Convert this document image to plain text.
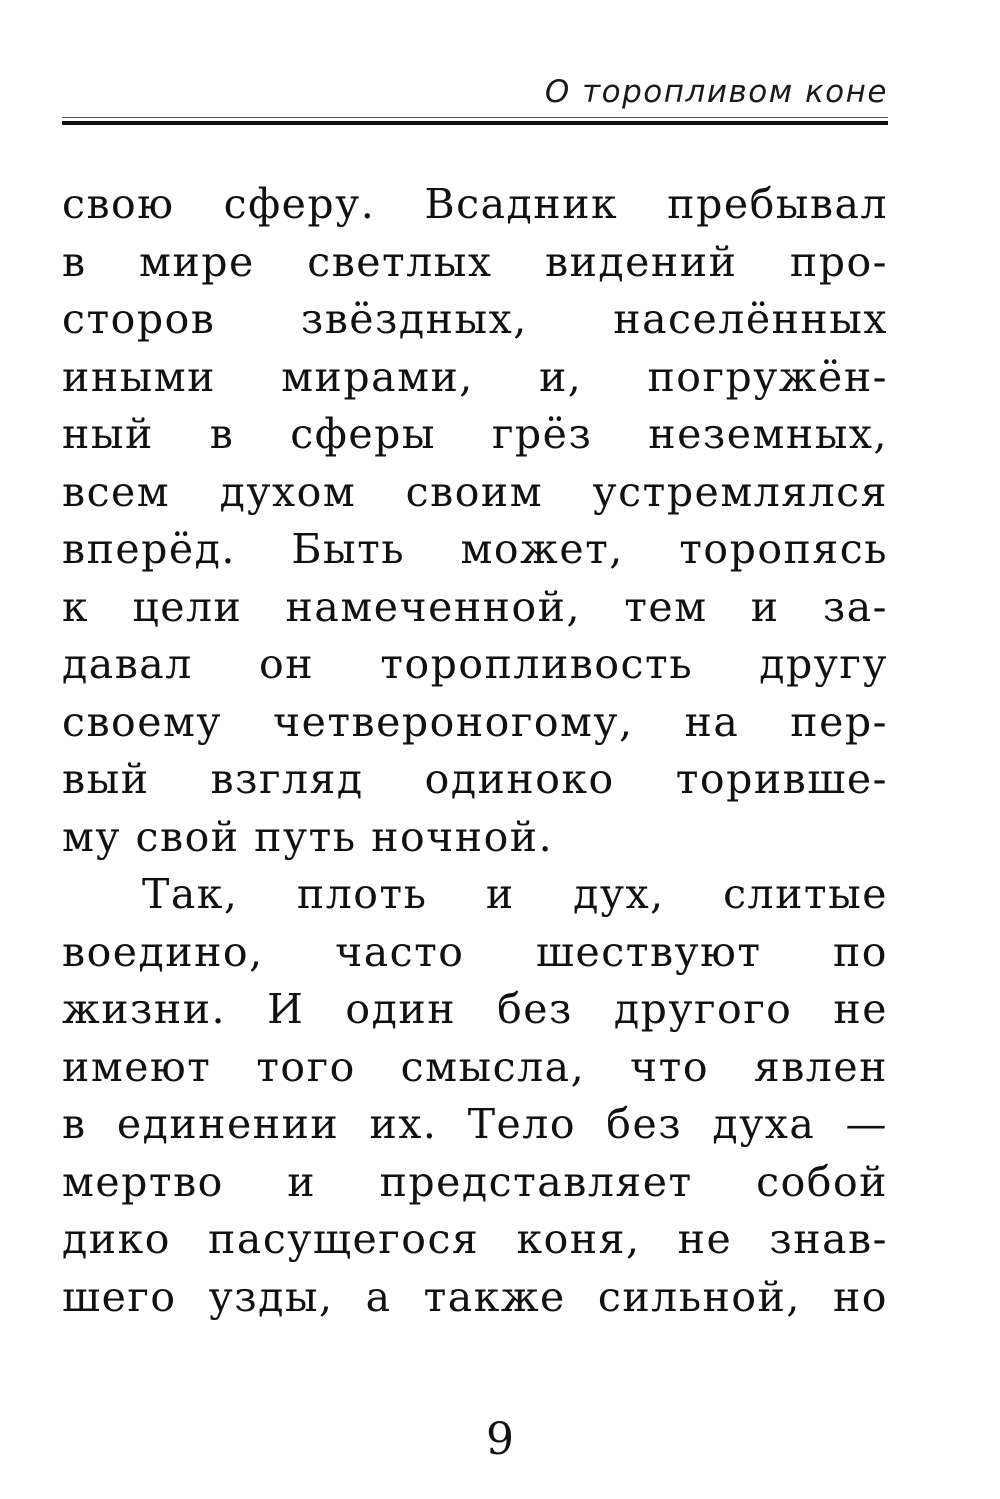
О торопливом коне
свою сферу. Всадник пребывал
в мире светлых видений про-
сторов звёздных, населённых
иными мирами, и, погружён-
ный в сферы грёз неземных,
всем духом своим устремлялся
вперёд. Быть может, торопясь
к цели намеченной, тем и за-
давал он торопливость другу
своему четвероногому, на пер-
вый взгляд одиноко торивше-
му свой путь ночной.
Так, плоть и дух, слитые
воедино, часто шествуют по
жизни. И один без другого не
имеют того смысла, что явлен
в единении их. Тело без духа —
мертво и представляет собой
дико пасущегося коня, не знав-
шего узды, а также сильной, но
9
